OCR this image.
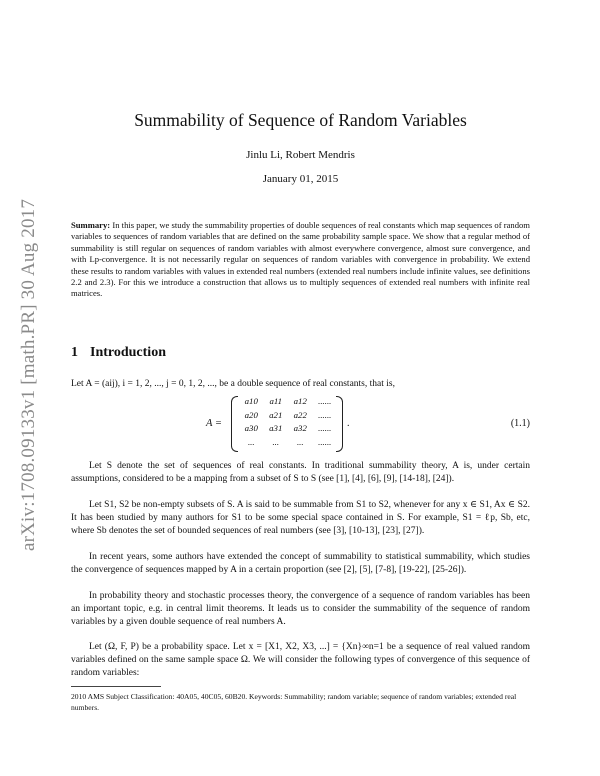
arXiv:1708.09133v1 [math.PR] 30 Aug 2017
Summability of Sequence of Random Variables
Jinlu Li, Robert Mendris
January 01, 2015
Summary: In this paper, we study the summability properties of double sequences of real constants which map sequences of random variables to sequences of random variables that are defined on the same probability sample space. We show that a regular method of summability is still regular on sequences of random variables with almost everywhere convergence, almost sure convergence, and with Lp-convergence. It is not necessarily regular on sequences of random variables with convergence in probability. We extend these results to random variables with values in extended real numbers (extended real numbers include infinite values, see definitions 2.2 and 2.3). For this we introduce a construction that allows us to multiply sequences of extended real numbers with infinite real matrices.
1 Introduction

Let A = (aij), i = 1, 2, ..., j = 0, 1, 2, ..., be a double sequence of real constants, that is,

A =
a10	a11	a12	......
a20	a21	a22	......
a30	a31	a32	......
...	...	...	......
.	(1.1)

Let S denote the set of sequences of real constants. In traditional summability theory, A is, under certain assumptions, considered to be a mapping from a subset of S to S (see [1], [4], [6], [9], [14-18], [24]).

Let S1, S2 be non-empty subsets of S. A is said to be summable from S1 to S2, whenever for any x ∈ S1, Ax ∈ S2. It has been studied by many authors for S1 to be some special space contained in S. For example, S1 = ℓp, Sb, etc, where Sb denotes the set of bounded sequences of real numbers (see [3], [10-13], [23], [27]).

In recent years, some authors have extended the concept of summability to statistical summability, which studies the convergence of sequences mapped by A in a certain proportion (see [2], [5], [7-8], [19-22], [25-26]).

In probability theory and stochastic processes theory, the convergence of a sequence of random variables has been an important topic, e.g. in central limit theorems. It leads us to consider the summability of the sequence of random variables by a given double sequence of real numbers A.

Let (Ω, F, P) be a probability space. Let x = [X1, X2, X3, ...] = {Xn}∞n=1 be a sequence of real valued random variables defined on the same sample space Ω. We will consider the following types of convergence of this sequence of random variables:

2010 AMS Subject Classification: 40A05, 40C05, 60B20. Keywords: Summability; random variable; sequence of random variables; extended real numbers.
